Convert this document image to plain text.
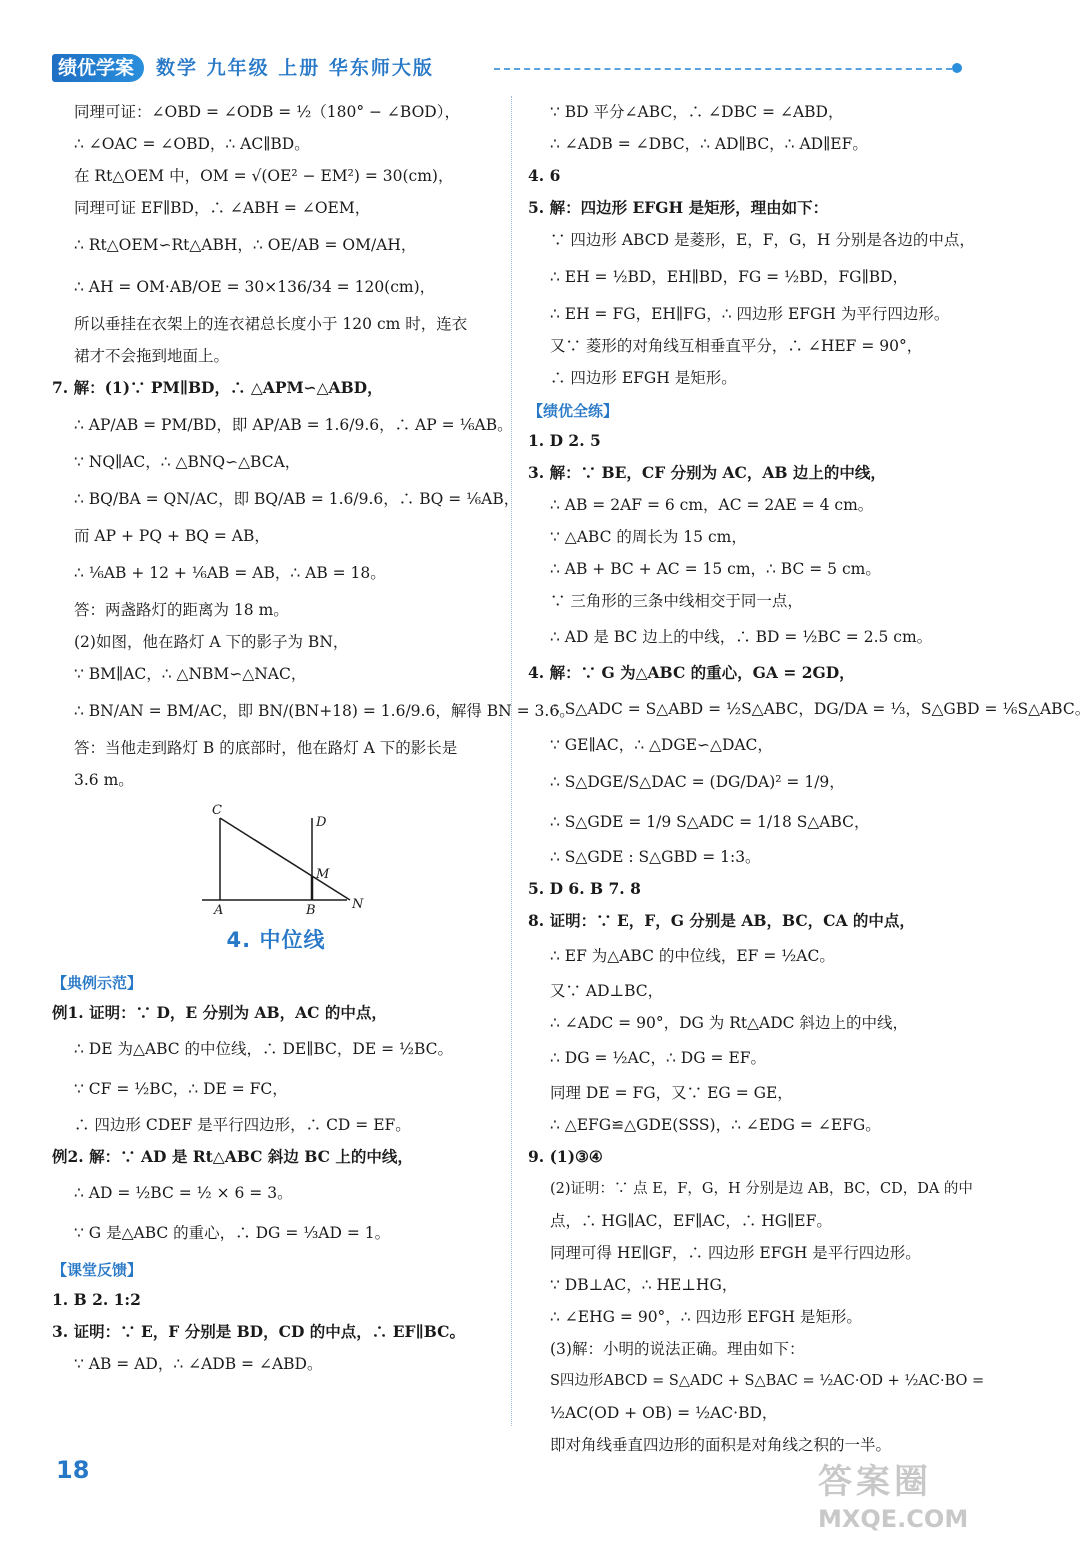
绩优学案	数学 九年级 上册 华东师大版
同理可证：∠OBD = ∠ODB = ½（180° − ∠BOD），
∴ ∠OAC = ∠OBD，∴ AC∥BD。
在 Rt△OEM 中，OM = √(OE² − EM²) = 30(cm)，
同理可证 EF∥BD，∴ ∠ABH = ∠OEM，
∴ Rt△OEM∽Rt△ABH，∴ OE/AB = OM/AH，
∴ AH = OM·AB/OE = 30×136/34 = 120(cm)，
所以垂挂在衣架上的连衣裙总长度小于 120 cm 时，连衣
裙才不会拖到地面上。
7. 解：(1)∵ PM∥BD，∴ △APM∽△ABD，
∴ AP/AB = PM/BD，即 AP/AB = 1.6/9.6，∴ AP = ⅙AB。
∵ NQ∥AC，∴ △BNQ∽△BCA，
∴ BQ/BA = QN/AC，即 BQ/AB = 1.6/9.6，∴ BQ = ⅙AB，
而 AP + PQ + BQ = AB，
∴ ⅙AB + 12 + ⅙AB = AB，∴ AB = 18。
答：两盏路灯的距离为 18 m。
(2)如图，他在路灯 A 下的影子为 BN，
∵ BM∥AC，∴ △NBM∽△NAC，
∴ BN/AN = BM/AC，即 BN/(BN+18) = 1.6/9.6，解得 BN = 3.6。
答：当他走到路灯 B 的底部时，他在路灯 A 下的影长是
3.6 m。
C
D
M
A	B	N
4. 中位线
【典例示范】
例1. 证明：∵ D，E 分别为 AB，AC 的中点，
∴ DE 为△ABC 的中位线，∴ DE∥BC，DE = ½BC。
∵ CF = ½BC，∴ DE = FC，
∴ 四边形 CDEF 是平行四边形，∴ CD = EF。
例2. 解：∵ AD 是 Rt△ABC 斜边 BC 上的中线，
∴ AD = ½BC = ½ × 6 = 3。
∵ G 是△ABC 的重心，∴ DG = ⅓AD = 1。
【课堂反馈】
1. B 2. 1:2
3. 证明：∵ E，F 分别是 BD，CD 的中点，∴ EF∥BC。
∵ AB = AD，∴ ∠ADB = ∠ABD。
∵ BD 平分∠ABC，∴ ∠DBC = ∠ABD，
∴ ∠ADB = ∠DBC，∴ AD∥BC，∴ AD∥EF。
4. 6
5. 解：四边形 EFGH 是矩形，理由如下：
∵ 四边形 ABCD 是菱形，E，F，G，H 分别是各边的中点，
∴ EH = ½BD，EH∥BD，FG = ½BD，FG∥BD，
∴ EH = FG，EH∥FG，∴ 四边形 EFGH 为平行四边形。
又∵ 菱形的对角线互相垂直平分，∴ ∠HEF = 90°，
∴ 四边形 EFGH 是矩形。
【绩优全练】
1. D 2. 5
3. 解：∵ BE，CF 分别为 AC，AB 边上的中线，
∴ AB = 2AF = 6 cm，AC = 2AE = 4 cm。
∵ △ABC 的周长为 15 cm，
∴ AB + BC + AC = 15 cm，∴ BC = 5 cm。
∵ 三角形的三条中线相交于同一点，
∴ AD 是 BC 边上的中线，∴ BD = ½BC = 2.5 cm。
4. 解：∵ G 为△ABC 的重心，GA = 2GD，
∴ S△ADC = S△ABD = ½S△ABC，DG/DA = ⅓，S△GBD = ⅙S△ABC。
∵ GE∥AC，∴ △DGE∽△DAC，
∴ S△DGE/S△DAC = (DG/DA)² = 1/9，
∴ S△GDE = 1/9 S△ADC = 1/18 S△ABC，
∴ S△GDE : S△GBD = 1:3。
5. D 6. B 7. 8
8. 证明：∵ E，F，G 分别是 AB，BC，CA 的中点，
∴ EF 为△ABC 的中位线，EF = ½AC。
又∵ AD⊥BC，
∴ ∠ADC = 90°，DG 为 Rt△ADC 斜边上的中线，
∴ DG = ½AC，∴ DG = EF。
同理 DE = FG，又∵ EG = GE，
∴ △EFG≌△GDE(SSS)，∴ ∠EDG = ∠EFG。
9. (1)③④
(2)证明：∵ 点 E，F，G，H 分别是边 AB，BC，CD，DA 的中
点，∴ HG∥AC，EF∥AC，∴ HG∥EF。
同理可得 HE∥GF，∴ 四边形 EFGH 是平行四边形。
∵ DB⊥AC，∴ HE⊥HG，
∴ ∠EHG = 90°，∴ 四边形 EFGH 是矩形。
(3)解：小明的说法正确。理由如下：
S四边形ABCD = S△ADC + S△BAC = ½AC·OD + ½AC·BO =
½AC(OD + OB) = ½AC·BD，
即对角线垂直四边形的面积是对角线之积的一半。
18	答案圈
MXQE.COM
